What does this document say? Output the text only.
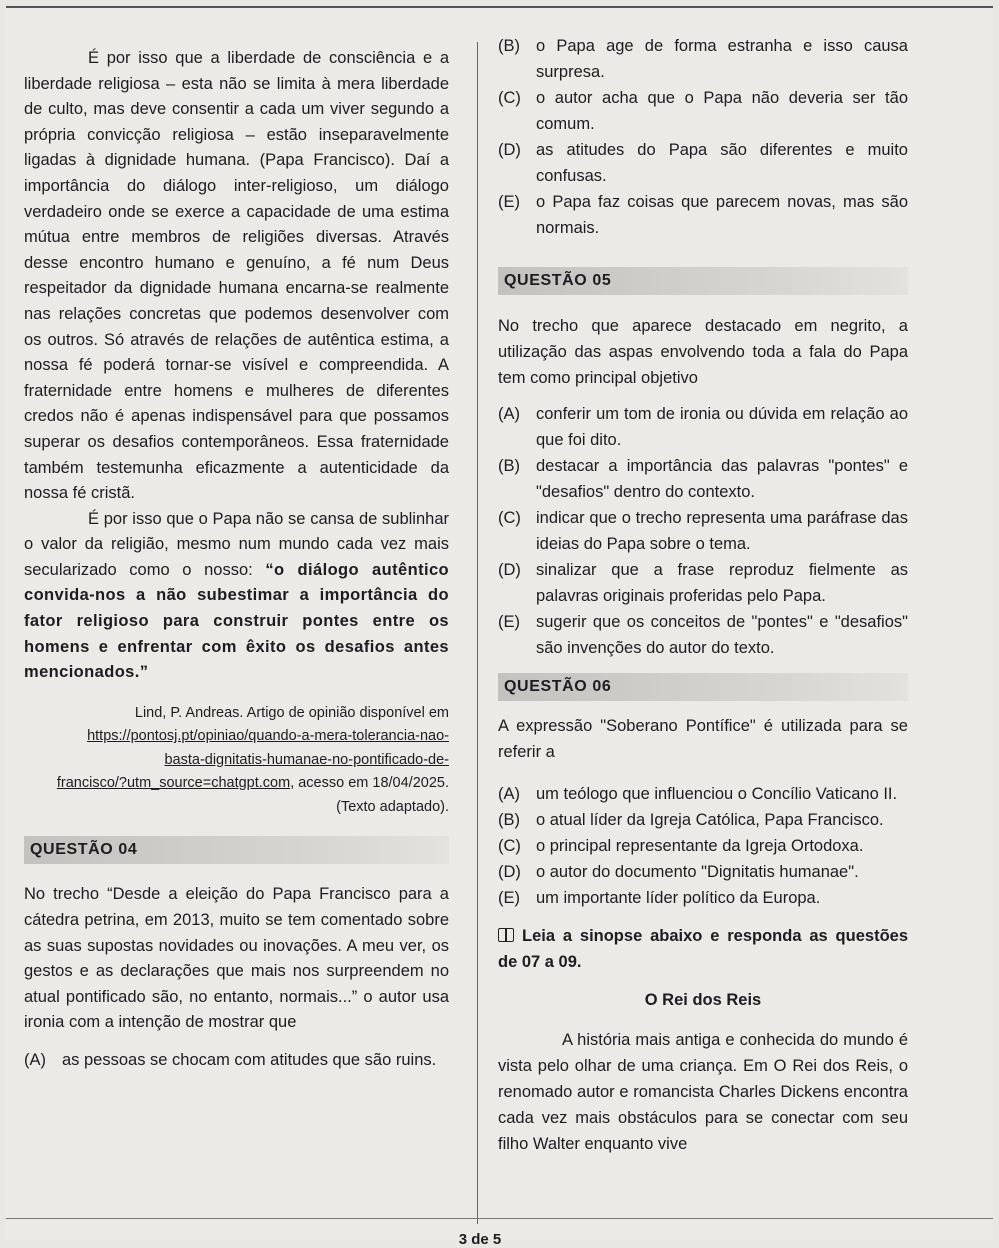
É por isso que a liberdade de consciência e a liberdade religiosa – esta não se limita à mera liberdade de culto, mas deve consentir a cada um viver segundo a própria convicção religiosa – estão inseparavelmente ligadas à dignidade humana. (Papa Francisco). Daí a importância do diálogo inter-religioso, um diálogo verdadeiro onde se exerce a capacidade de uma estima mútua entre membros de religiões diversas. Através desse encontro humano e genuíno, a fé num Deus respeitador da dignidade humana encarna-se realmente nas relações concretas que podemos desenvolver com os outros. Só através de relações de autêntica estima, a nossa fé poderá tornar-se visível e compreendida. A fraternidade entre homens e mulheres de diferentes credos não é apenas indispensável para que possamos superar os desafios contemporâneos. Essa fraternidade também testemunha eficazmente a autenticidade da nossa fé cristã.

É por isso que o Papa não se cansa de sublinhar o valor da religião, mesmo num mundo cada vez mais secularizado como o nosso: “o diálogo autêntico convida-nos a não subestimar a importância do fator religioso para construir pontes entre os homens e enfrentar com êxito os desafios antes mencionados.”

Lind, P. Andreas. Artigo de opinião disponível em
https://pontosj.pt/opiniao/quando-a-mera-tolerancia-nao-
basta-dignitatis-humanae-no-pontificado-de-
francisco/?utm_source=chatgpt.com, acesso em 18/04/2025.
(Texto adaptado).
QUESTÃO 04

No trecho “Desde a eleição do Papa Francisco para a cátedra petrina, em 2013, muito se tem comentado sobre as suas supostas novidades ou inovações. A meu ver, os gestos e as declarações que mais nos surpreendem no atual pontificado são, no entanto, normais...” o autor usa ironia com a intenção de mostrar que

(A) as pessoas se chocam com atitudes que são ruins.
(B) o Papa age de forma estranha e isso causa surpresa.
(C) o autor acha que o Papa não deveria ser tão comum.
(D) as atitudes do Papa são diferentes e muito confusas.
(E) o Papa faz coisas que parecem novas, mas são normais.
QUESTÃO 05

No trecho que aparece destacado em negrito, a utilização das aspas envolvendo toda a fala do Papa tem como principal objetivo

(A) conferir um tom de ironia ou dúvida em relação ao que foi dito.
(B) destacar a importância das palavras "pontes" e "desafios" dentro do contexto.
(C) indicar que o trecho representa uma paráfrase das ideias do Papa sobre o tema.
(D) sinalizar que a frase reproduz fielmente as palavras originais proferidas pelo Papa.
(E) sugerir que os conceitos de "pontes" e "desafios" são invenções do autor do texto.
QUESTÃO 06

A expressão "Soberano Pontífice" é utilizada para se referir a

(A) um teólogo que influenciou o Concílio Vaticano II.
(B) o atual líder da Igreja Católica, Papa Francisco.
(C) o principal representante da Igreja Ortodoxa.
(D) o autor do documento "Dignitatis humanae".
(E) um importante líder político da Europa.

Leia a sinopse abaixo e responda as questões de 07 a 09.

O Rei dos Reis

A história mais antiga e conhecida do mundo é vista pelo olhar de uma criança. Em O Rei dos Reis, o renomado autor e romancista Charles Dickens encontra cada vez mais obstáculos para se conectar com seu filho Walter enquanto vive

3 de 5
